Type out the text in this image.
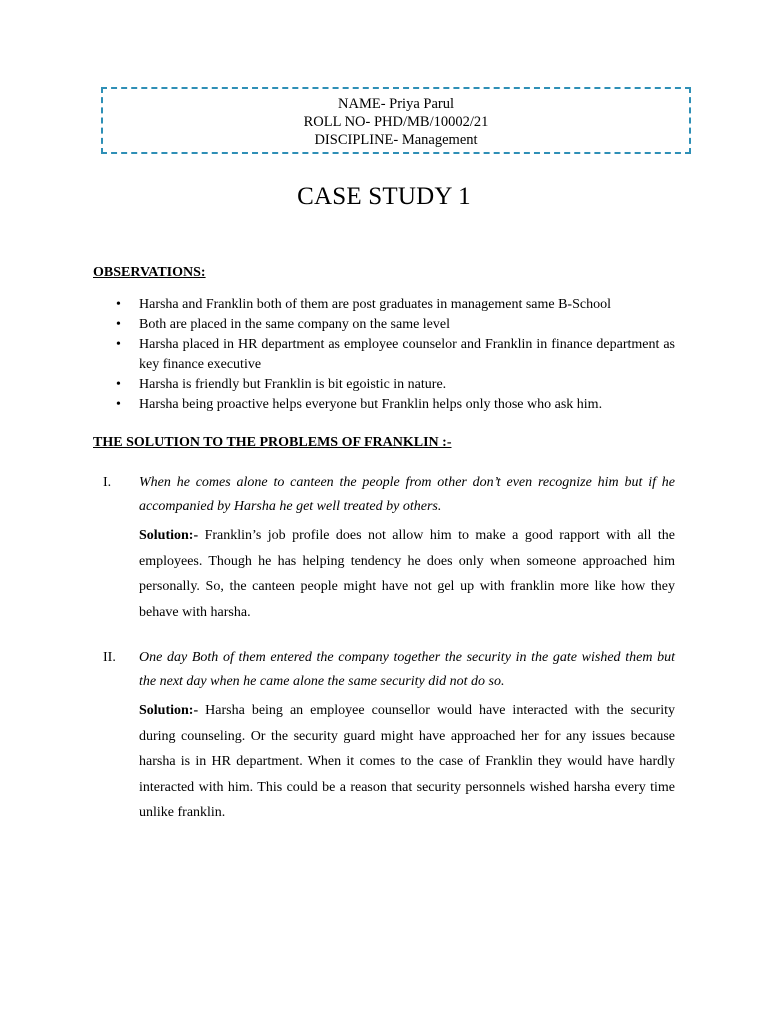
NAME- Priya Parul
ROLL NO- PHD/MB/10002/21
DISCIPLINE- Management
CASE STUDY 1
OBSERVATIONS:
• Harsha and Franklin both of them are post graduates in management same B-School
• Both are placed in the same company on the same level
• Harsha placed in HR department as employee counselor and Franklin in finance department as key finance executive
• Harsha is friendly but Franklin is bit egoistic in nature.
• Harsha being proactive helps everyone but Franklin helps only those who ask him.
THE SOLUTION TO THE PROBLEMS OF FRANKLIN :-
I. When he comes alone to canteen the people from other don’t even recognize him but if he accompanied by Harsha he get well treated by others.
Solution:- Franklin’s job profile does not allow him to make a good rapport with all the employees. Though he has helping tendency he does only when someone approached him personally. So, the canteen people might have not gel up with franklin more like how they behave with harsha.
II. One day Both of them entered the company together the security in the gate wished them but the next day when he came alone the same security did not do so.
Solution:- Harsha being an employee counsellor would have interacted with the security during counseling. Or the security guard might have approached her for any issues because harsha is in HR department. When it comes to the case of Franklin they would have hardly interacted with him. This could be a reason that security personnels wished harsha every time unlike franklin.
